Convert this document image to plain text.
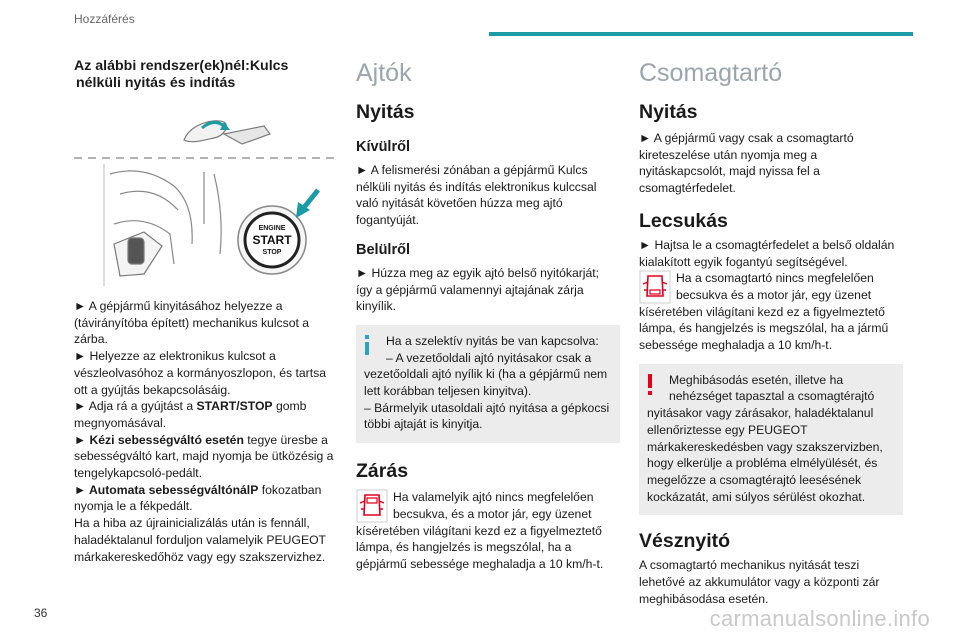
Hozzáférés
Az alábbi rendszer(ek)nél:Kulcs
nélküli nyitás és indítás
ENGINE
START
STOP
► A gépjármű kinyitásához helyezze a
(távirányítóba épített) mechanikus kulcsot a
zárba.
► Helyezze az elektronikus kulcsot a
vészleolvasóhoz a kormányoszlopon, és tartsa
ott a gyújtás bekapcsolásáig.
► Adja rá a gyújtást a START/STOP gomb
megnyomásával.
► Kézi sebességváltó esetén tegye üresbe a
sebességváltó kart, majd nyomja be ütközésig a
tengelykapcsoló-pedált.
► Automata sebességváltónálP fokozatban
nyomja le a fékpedált.
Ha a hiba az újrainicializálás után is fennáll,
haladéktalanul forduljon valamelyik PEUGEOT
márkakereskedőhöz vagy egy szakszervizhez.
Ajtók
Nyitás
Kívülről
► A felismerési zónában a gépjármű Kulcs
nélküli nyitás és indítás elektronikus kulccsal
való nyitását követően húzza meg ajtó
fogantyúját.
Belülről
► Húzza meg az egyik ajtó belső nyitókarját;
így a gépjármű valamennyi ajtajának zárja
kinyílik.
Ha a szelektív nyitás be van kapcsolva:
– A vezetőoldali ajtó nyitásakor csak a
vezetőoldali ajtó nyílik ki (ha a gépjármű nem
lett korábban teljesen kinyitva).
– Bármelyik utasoldali ajtó nyitása a gépkocsi
többi ajtaját is kinyitja.
Zárás
Ha valamelyik ajtó nincs megfelelően
becsukva, és a motor jár, egy üzenet
kíséretében világítani kezd ez a figyelmeztető
lámpa, és hangjelzés is megszólal, ha a
gépjármű sebessége meghaladja a 10 km/h-t.
Csomagtartó
Nyitás
► A gépjármű vagy csak a csomagtartó
kireteszelése után nyomja meg a
nyitáskapcsolót, majd nyissa fel a
csomagtérfedelet.
Lecsukás
► Hajtsa le a csomagtérfedelet a belső oldalán
kialakított egyik fogantyú segítségével.
Ha a csomagtartó nincs megfelelően
becsukva és a motor jár, egy üzenet
kíséretében világítani kezd ez a figyelmeztető
lámpa, és hangjelzés is megszólal, ha a jármű
sebessége meghaladja a 10 km/h-t.
Meghibásodás esetén, illetve ha
nehézséget tapasztal a csomagtérajtó
nyitásakor vagy zárásakor, haladéktalanul
ellenőriztesse egy PEUGEOT
márkakereskedésben vagy szakszervizben,
hogy elkerülje a probléma elmélyülését, és
megelőzze a csomagtérajtó leesésének
kockázatát, ami súlyos sérülést okozhat.
Vésznyitó
A csomagtartó mechanikus nyitását teszi
lehetővé az akkumulátor vagy a központi zár
meghibásodása esetén.
36	carmanualsonline.info
